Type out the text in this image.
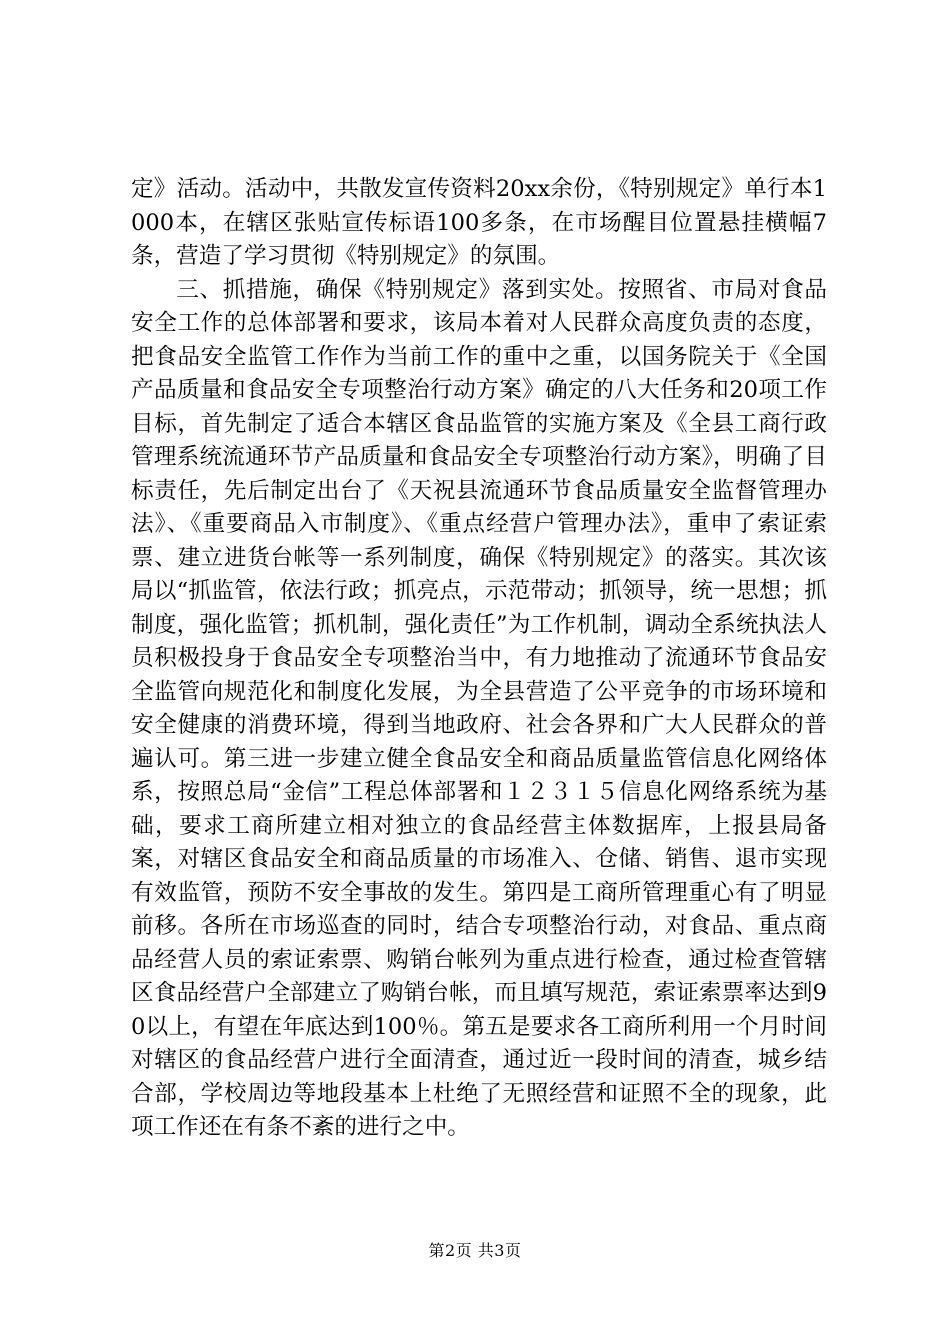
定》活动。活动中，共散发宣传资料20xx余份，《特别规定》单行本1000本，在辖区张贴宣传标语100多条，在市场醒目位置悬挂横幅7条，营造了学习贯彻《特别规定》的氛围。

三、抓措施，确保《特别规定》落到实处。按照省、市局对食品安全工作的总体部署和要求，该局本着对人民群众高度负责的态度，把食品安全监管工作作为当前工作的重中之重，以国务院关于《全国产品质量和食品安全专项整治行动方案》确定的八大任务和20项工作目标，首先制定了适合本辖区食品监管的实施方案及《全县工商行政管理系统流通环节产品质量和食品安全专项整治行动方案》，明确了目标责任，先后制定出台了《天祝县流通环节食品质量安全监督管理办法》、《重要商品入市制度》、《重点经营户管理办法》，重申了索证索票、建立进货台帐等一系列制度，确保《特别规定》的落实。其次该局以“抓监管，依法行政；抓亮点，示范带动；抓领导，统一思想；抓制度，强化监管；抓机制，强化责任”为工作机制，调动全系统执法人员积极投身于食品安全专项整治当中，有力地推动了流通环节食品安全监管向规范化和制度化发展，为全县营造了公平竞争的市场环境和安全健康的消费环境，得到当地政府、社会各界和广大人民群众的普遍认可。第三进一步建立健全食品安全和商品质量监管信息化网络体系，按照总局“金信”工程总体部署和１２３１５信息化网络系统为基础，要求工商所建立相对独立的食品经营主体数据库，上报县局备案，对辖区食品安全和商品质量的市场准入、仓储、销售、退市实现有效监管，预防不安全事故的发生。第四是工商所管理重心有了明显前移。各所在市场巡查的同时，结合专项整治行动，对食品、重点商品经营人员的索证索票、购销台帐列为重点进行检查，通过检查管辖区食品经营户全部建立了购销台帐，而且填写规范，索证索票率达到90以上，有望在年底达到100％。第五是要求各工商所利用一个月时间对辖区的食品经营户进行全面清查，通过近一段时间的清查，城乡结合部，学校周边等地段基本上杜绝了无照经营和证照不全的现象，此项工作还在有条不紊的进行之中。

第2页 共3页
